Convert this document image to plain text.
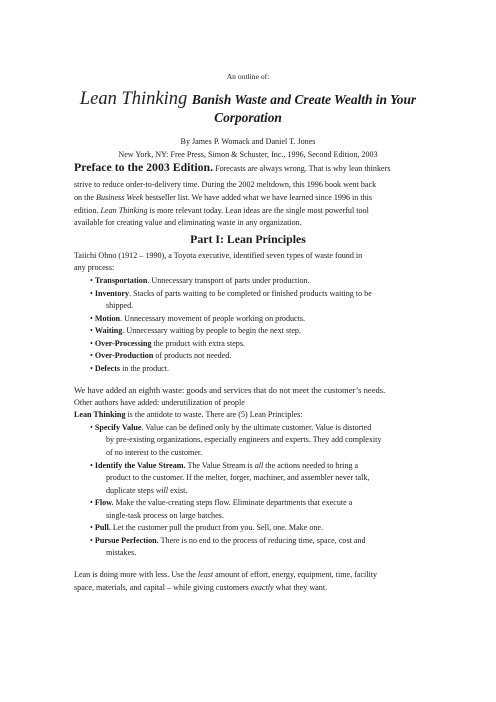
An outline of:
Lean Thinking Banish Waste and Create Wealth in Your
Corporation
By James P. Womack and Daniel T. Jones
New York, NY: Free Press, Simon & Schuster, Inc., 1996, Second Edition, 2003
Preface to the 2003 Edition. Forecasts are always wrong. That is why lean thinkers
strive to reduce order-to-delivery time. During the 2002 meltdown, this 1996 book went back
on the Business Week bestseller list. We have added what we have learned since 1996 in this
edition. Lean Thinking is more relevant today. Lean ideas are the single most powerful tool
available for creating value and eliminating waste in any organization.
Part I: Lean Principles
Taiichi Ohno (1912 – 1990), a Toyota executive, identified seven types of waste found in
any process:
• Transportation. Unnecessary transport of parts under production.
• Inventory. Stacks of parts waiting to be completed or finished products waiting to be
shipped.
• Motion. Unnecessary movement of people working on products.
• Waiting. Unnecessary waiting by people to begin the next step.
• Over-Processing the product with extra steps.
• Over-Production of products not needed.
• Defects in the product.
We have added an eighth waste: goods and services that do not meet the customer’s needs.
Other authors have added: underutilization of people
Lean Thinking is the antidote to waste. There are (5) Lean Principles:
• Specify Value. Value can be defined only by the ultimate customer. Value is distorted
by pre-existing organizations, especially engineers and experts. They add complexity
of no interest to the customer.
• Identify the Value Stream. The Value Stream is all the actions needed to bring a
product to the customer. If the melter, forger, machiner, and assembler never talk,
duplicate steps will exist.
• Flow. Make the value-creating steps flow. Eliminate departments that execute a
single-task process on large batches.
• Pull. Let the customer pull the product from you. Sell, one. Make one.
• Pursue Perfection. There is no end to the process of reducing time, space, cost and
mistakes.
Lean is doing more with less. Use the least amount of effort, energy, equipment, time, facility
space, materials, and capital – while giving customers exactly what they want.
